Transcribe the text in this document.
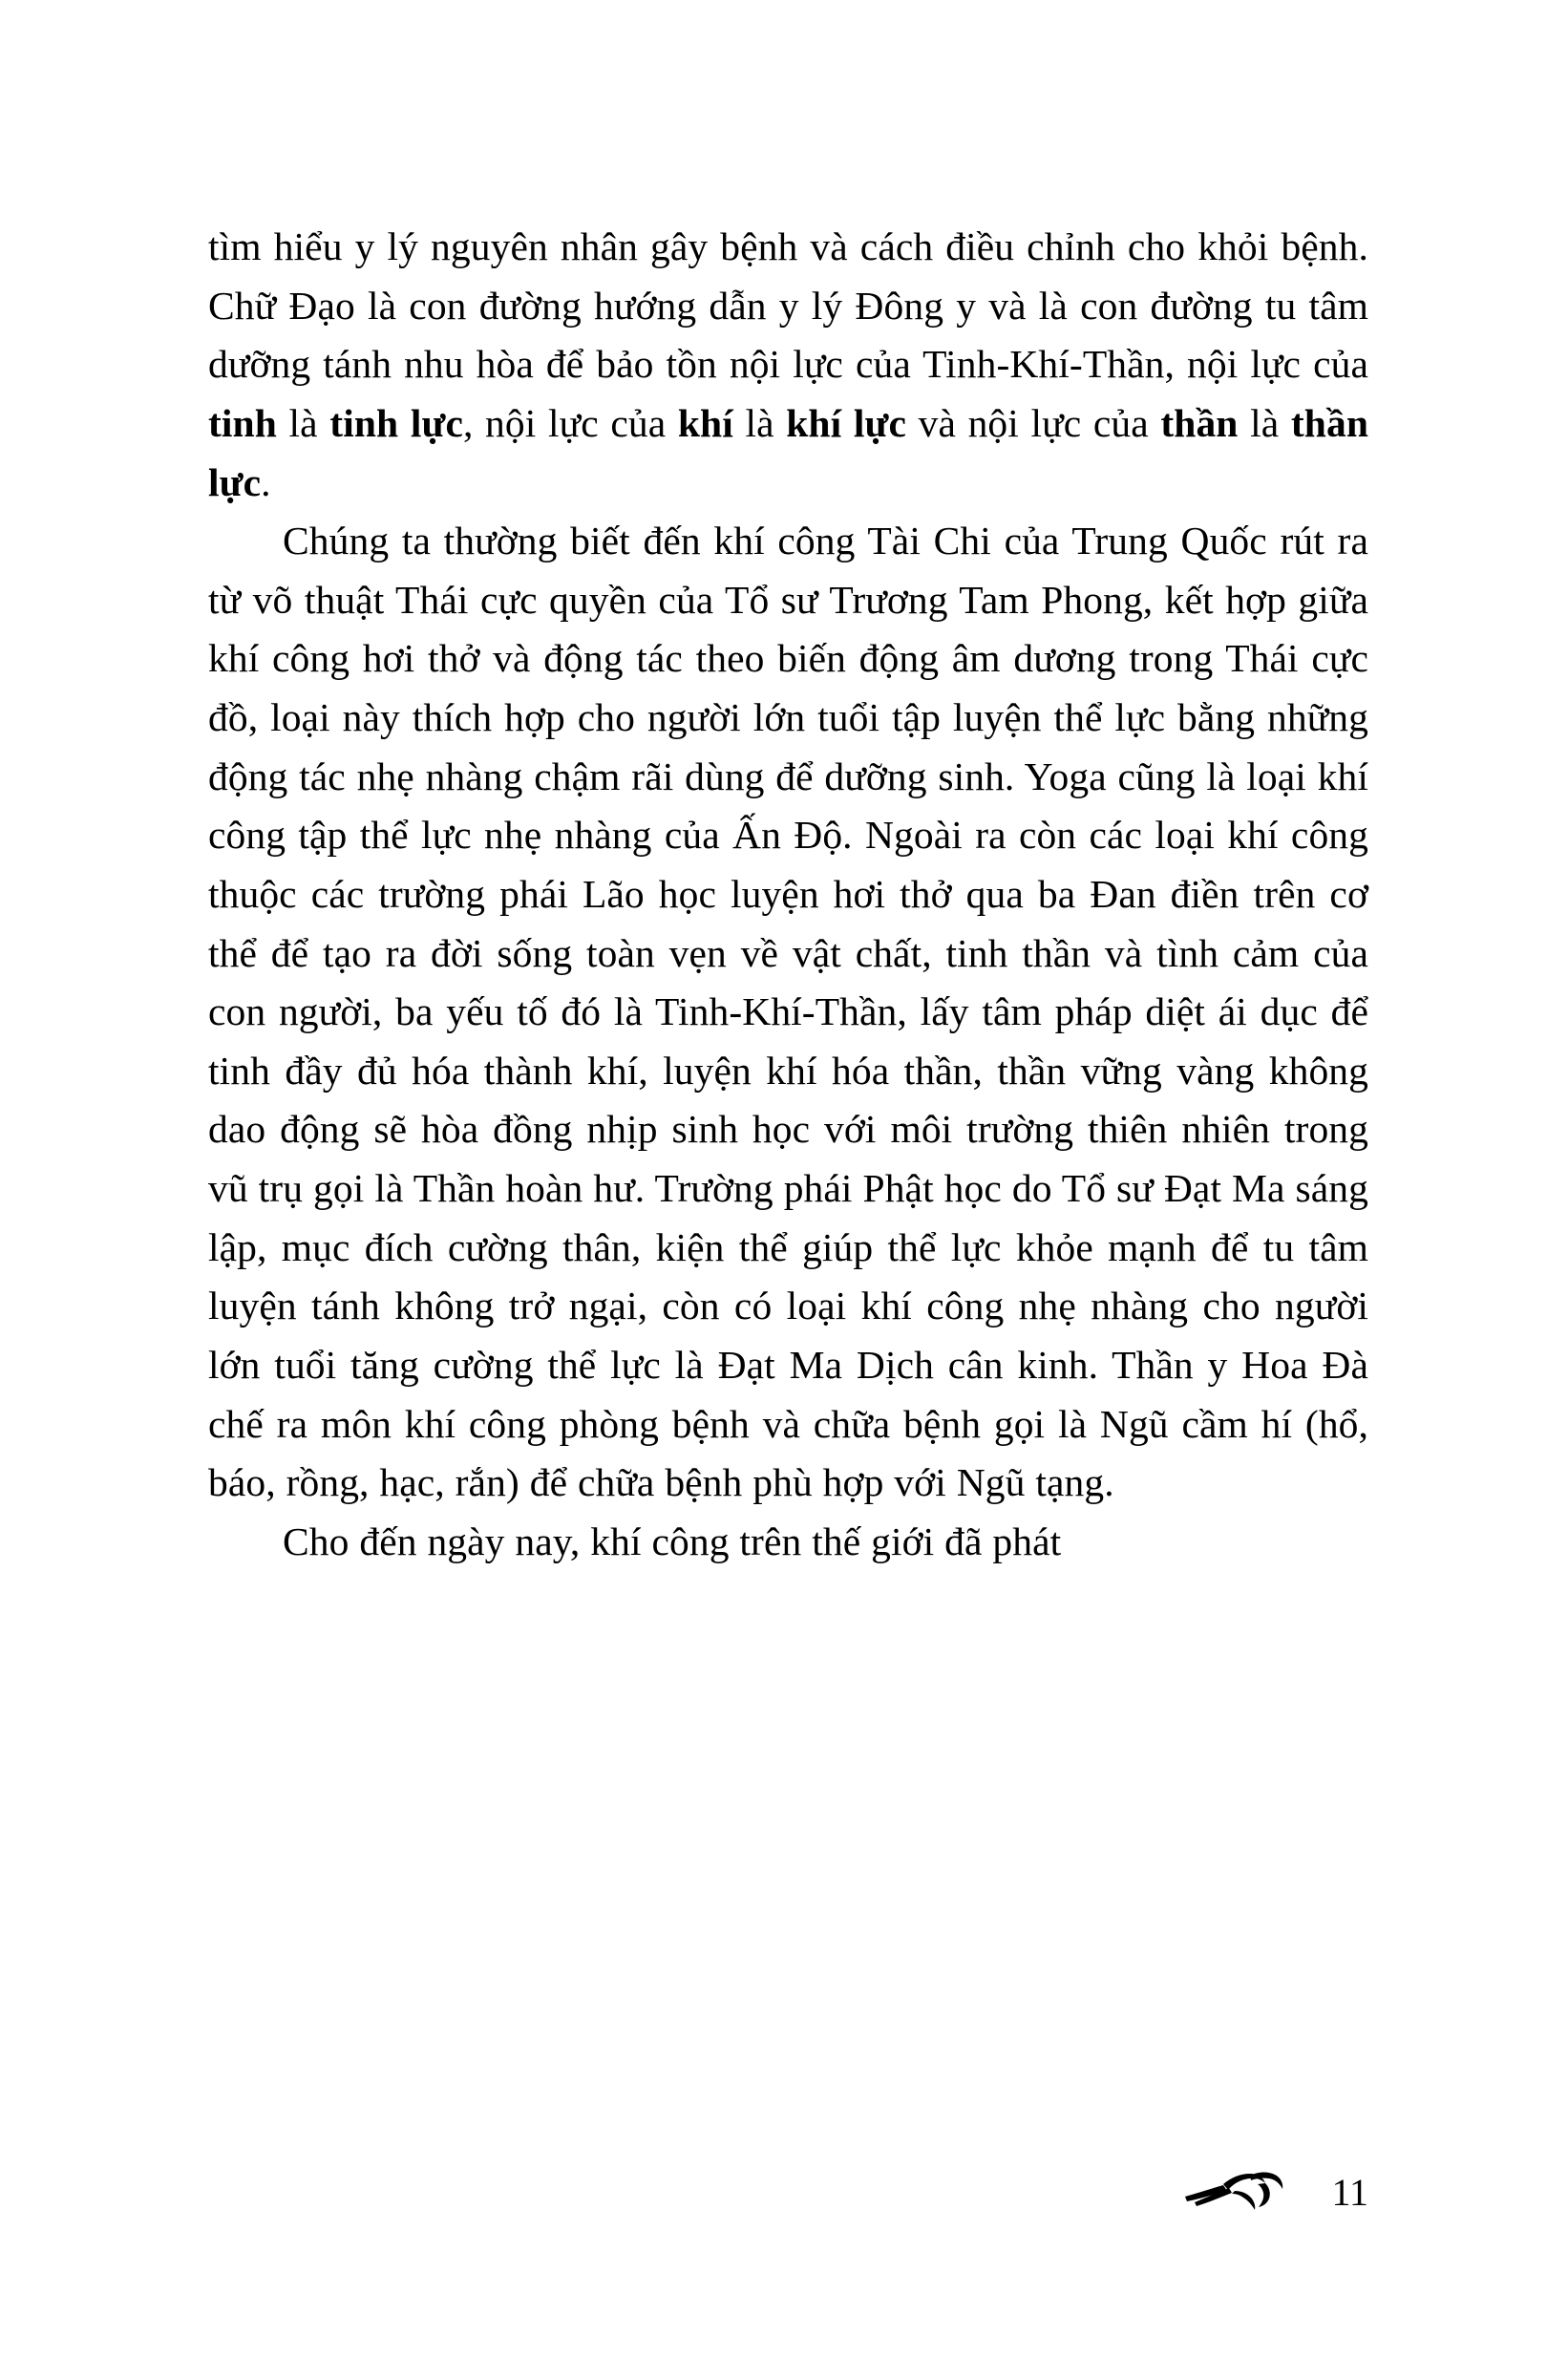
tìm hiểu y lý nguyên nhân gây bệnh và cách điều chỉnh cho khỏi bệnh. Chữ Đạo là con đường hướng dẫn y lý Đông y và là con đường tu tâm dưỡng tánh nhu hòa để bảo tồn nội lực của Tinh-Khí-Thần, nội lực của tinh là tinh lực, nội lực của khí là khí lực và nội lực của thần là thần lực.

Chúng ta thường biết đến khí công Tài Chi của Trung Quốc rút ra từ võ thuật Thái cực quyền của Tổ sư Trương Tam Phong, kết hợp giữa khí công hơi thở và động tác theo biến động âm dương trong Thái cực đồ, loại này thích hợp cho người lớn tuổi tập luyện thể lực bằng những động tác nhẹ nhàng chậm rãi dùng để dưỡng sinh. Yoga cũng là loại khí công tập thể lực nhẹ nhàng của Ấn Độ. Ngoài ra còn các loại khí công thuộc các trường phái Lão học luyện hơi thở qua ba Đan điền trên cơ thể để tạo ra đời sống toàn vẹn về vật chất, tinh thần và tình cảm của con người, ba yếu tố đó là Tinh-Khí-Thần, lấy tâm pháp diệt ái dục để tinh đầy đủ hóa thành khí, luyện khí hóa thần, thần vững vàng không dao động sẽ hòa đồng nhịp sinh học với môi trường thiên nhiên trong vũ trụ gọi là Thần hoàn hư. Trường phái Phật học do Tổ sư Đạt Ma sáng lập, mục đích cường thân, kiện thể giúp thể lực khỏe mạnh để tu tâm luyện tánh không trở ngại, còn có loại khí công nhẹ nhàng cho người lớn tuổi tăng cường thể lực là Đạt Ma Dịch cân kinh. Thần y Hoa Đà chế ra môn khí công phòng bệnh và chữa bệnh gọi là Ngũ cầm hí (hổ, báo, rồng, hạc, rắn) để chữa bệnh phù hợp với Ngũ tạng.

Cho đến ngày nay, khí công trên thế giới đã phát

11
